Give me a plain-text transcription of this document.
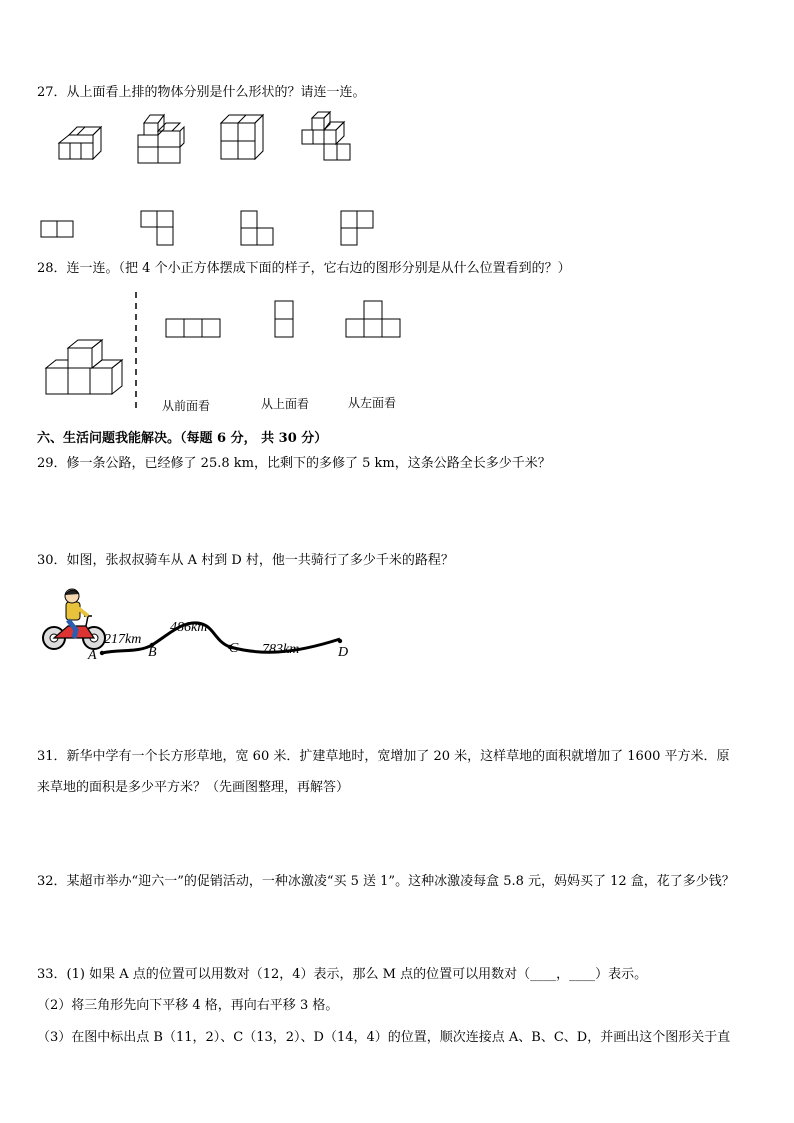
27．从上面看上排的物体分别是什么形状的？请连一连。
28．连一连。（把 4 个小正方体摆成下面的样子，它右边的图形分别是从什么位置看到的？）
从前面看	从上面看	从左面看
六、生活问题我能解决。（每题 6 分， 共 30 分）
29．修一条公路，已经修了 25.8 km，比剩下的多修了 5 km，这条公路全长多少千米？
30．如图，张叔叔骑车从 A 村到 D 村，他一共骑行了多少千米的路程？
217km
486km
783km
A	B	C	D
31．新华中学有一个长方形草地，宽 60 米．扩建草地时，宽增加了 20 米，这样草地的面积就增加了 1600 平方米．原
来草地的面积是多少平方米？（先画图整理，再解答）
32．某超市举办“迎六一”的促销活动，一种冰激凌“买 5 送 1”。这种冰激凌每盒 5.8 元，妈妈买了 12 盒，花了多少钱？
33．(1) 如果 A 点的位置可以用数对（12，4）表示，那么 M 点的位置可以用数对（____，____）表示。
（2）将三角形先向下平移 4 格，再向右平移 3 格。
（3）在图中标出点 B（11，2）、C（13，2）、D（14，4）的位置，顺次连接点 A、B、C、D，并画出这个图形关于直
